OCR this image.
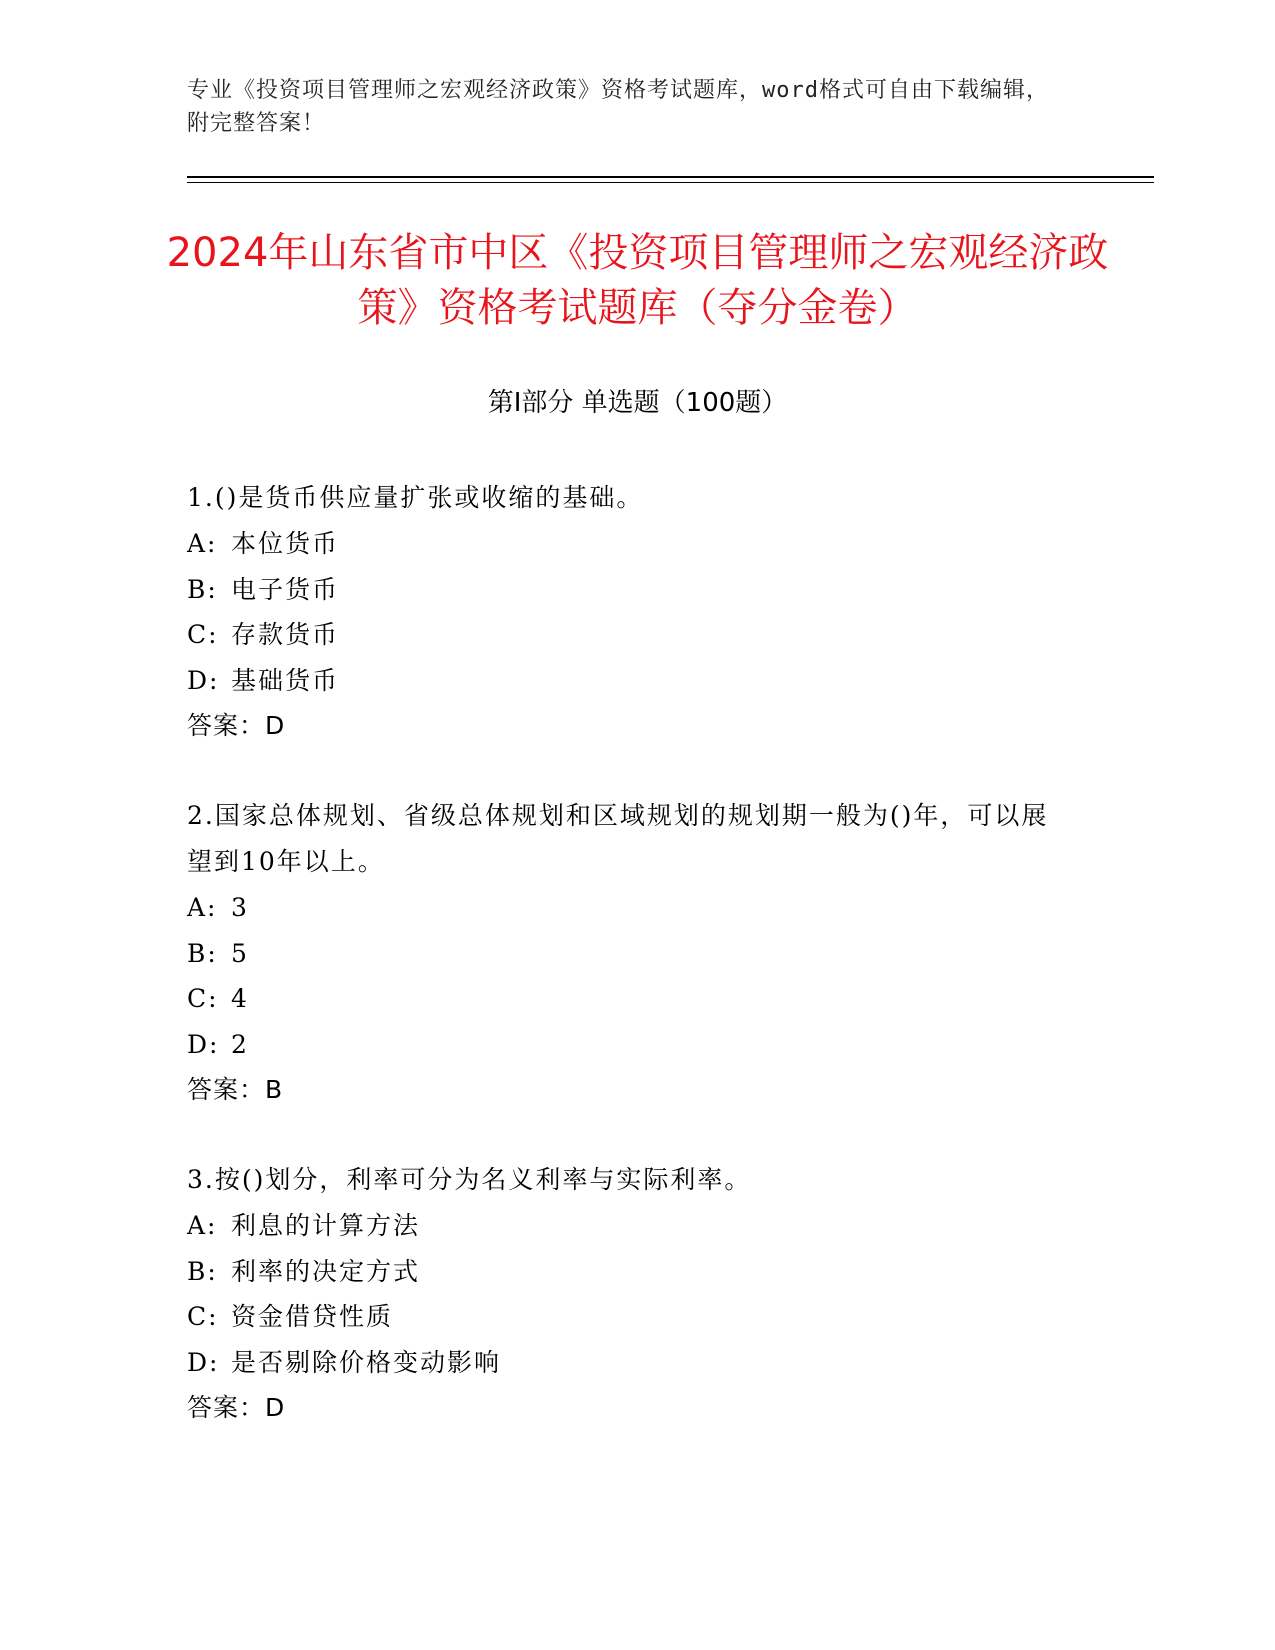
专业《投资项目管理师之宏观经济政策》资格考试题库，word格式可自由下载编辑，附完整答案！
2024年山东省市中区《投资项目管理师之宏观经济政策》资格考试题库（夺分金卷）
第I部分 单选题（100题）

1.()是货币供应量扩张或收缩的基础。

A: 本位货币
B: 电子货币
C: 存款货币
D: 基础货币
答案：D

2.国家总体规划、省级总体规划和区域规划的规划期一般为()年，可以展望到10年以上。

A: 3
B: 5
C: 4
D: 2
答案：B

3.按()划分，利率可分为名义利率与实际利率。

A: 利息的计算方法
B: 利率的决定方式
C: 资金借贷性质
D: 是否剔除价格变动影响
答案：D
